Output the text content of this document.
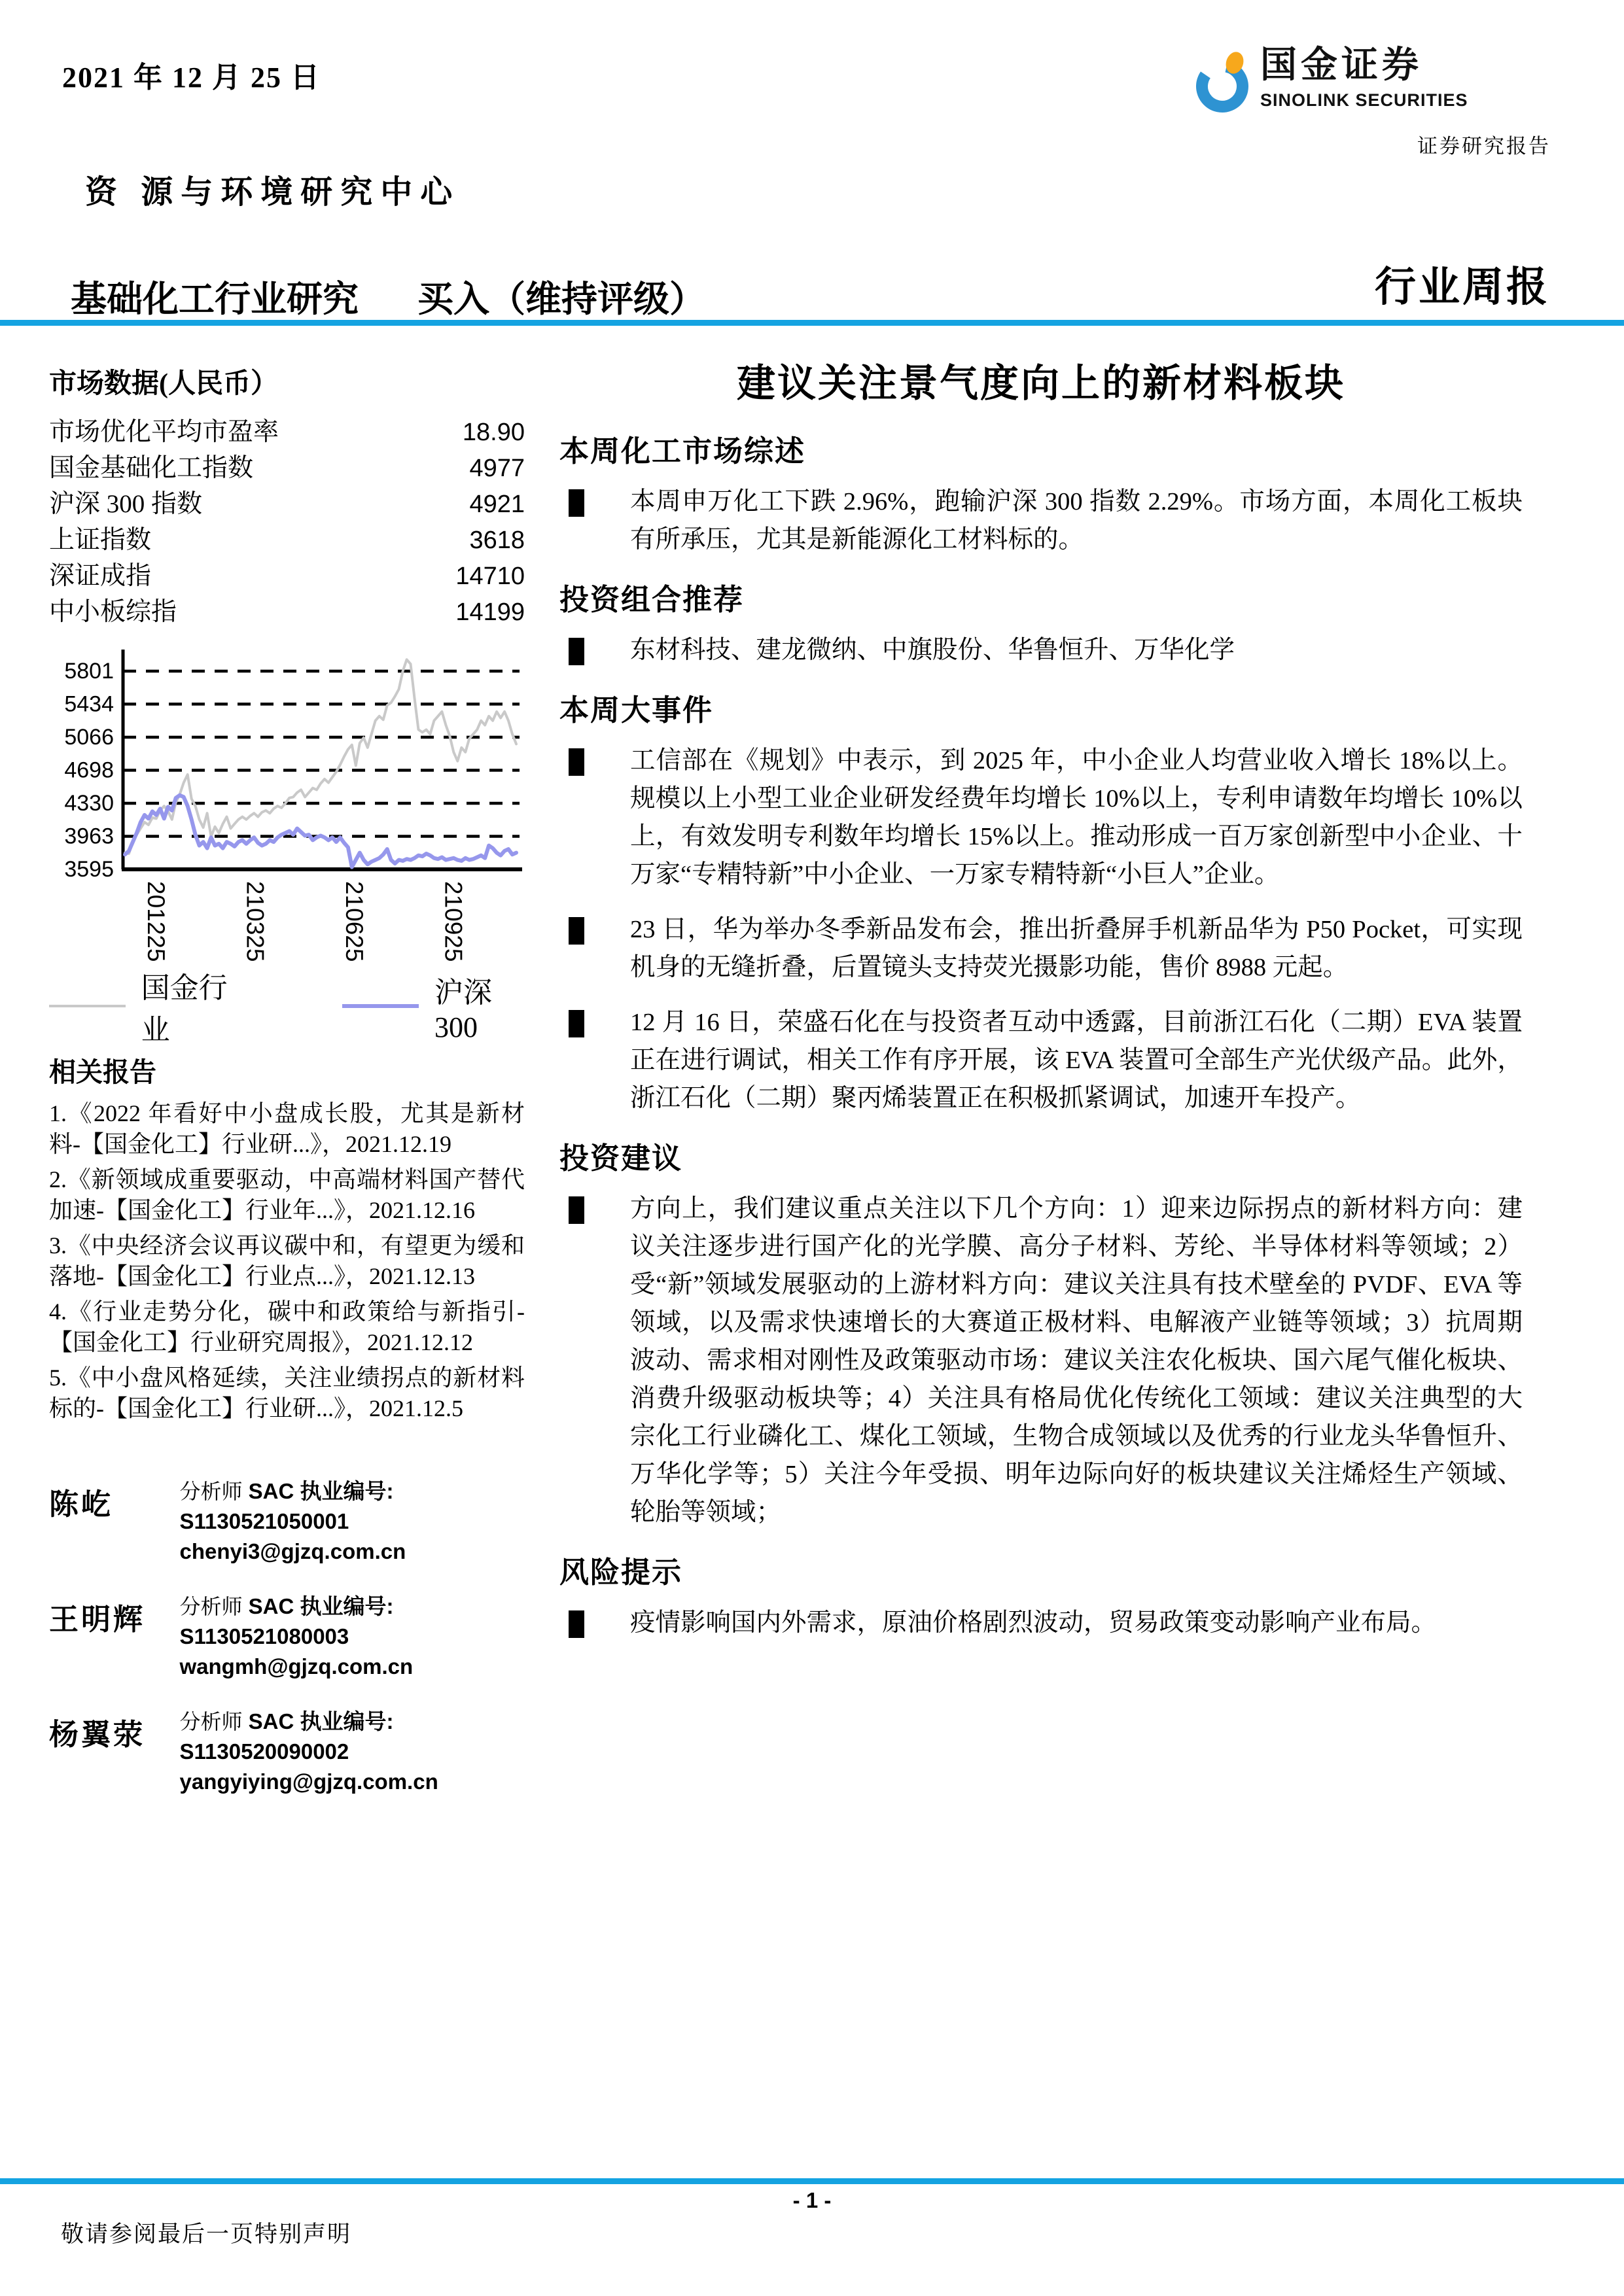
2021 年 12 月 25 日	国金证券
SINOLINK SECURITIES
证券研究报告
资 源与环境研究中心
基础化工行业研究 买入（维持评级）	行业周报
市场数据(人民币）
市场优化平均市盈率	18.90
国金基础化工指数	4977
沪深 300 指数	4921
上证指数	3618
深证成指	14710
中小板综指	14199
5801
5434
5066
4698
4330
3963
3595
201225	210325	210625	210925
国金行业
沪深300
相关报告
1.《2022 年看好中小盘成长股，尤其是新材料-【国金化工】行业研...》，2021.12.19
2.《新领域成重要驱动，中高端材料国产替代加速-【国金化工】行业年...》，2021.12.16
3.《中央经济会议再议碳中和，有望更为缓和落地-【国金化工】行业点...》，2021.12.13
4.《行业走势分化，碳中和政策给与新指引-【国金化工】行业研究周报》，2021.12.12
5.《中小盘风格延续，关注业绩拐点的新材料标的-【国金化工】行业研...》，2021.12.5
陈屹	分析师 SAC 执业编号: S1130521050001
chenyi3@gjzq.com.cn
王明辉	分析师 SAC 执业编号: S1130521080003
wangmh@gjzq.com.cn
杨翼荥	分析师 SAC 执业编号: S1130520090002
yangyiying@gjzq.com.cn
建议关注景气度向上的新材料板块
本周化工市场综述
本周申万化工下跌 2.96%，跑输沪深 300 指数 2.29%。市场方面，本周化工板块有所承压，尤其是新能源化工材料标的。
投资组合推荐
东材科技、建龙微纳、中旗股份、华鲁恒升、万华化学
本周大事件
工信部在《规划》中表示，到 2025 年，中小企业人均营业收入增长 18%以上。规模以上小型工业企业研发经费年均增长 10%以上，专利申请数年均增长 10%以上，有效发明专利数年均增长 15%以上。推动形成一百万家创新型中小企业、十万家“专精特新”中小企业、一万家专精特新“小巨人”企业。
23 日，华为举办冬季新品发布会，推出折叠屏手机新品华为 P50 Pocket，可实现机身的无缝折叠，后置镜头支持荧光摄影功能，售价 8988 元起。
12 月 16 日，荣盛石化在与投资者互动中透露，目前浙江石化（二期）EVA 装置正在进行调试，相关工作有序开展，该 EVA 装置可全部生产光伏级产品。此外，浙江石化（二期）聚丙烯装置正在积极抓紧调试，加速开车投产。
投资建议
方向上，我们建议重点关注以下几个方向：1）迎来边际拐点的新材料方向：建议关注逐步进行国产化的光学膜、高分子材料、芳纶、半导体材料等领域；2）受“新”领域发展驱动的上游材料方向：建议关注具有技术壁垒的 PVDF、EVA 等领域，以及需求快速增长的大赛道正极材料、电解液产业链等领域；3）抗周期波动、需求相对刚性及政策驱动市场：建议关注农化板块、国六尾气催化板块、消费升级驱动板块等；4）关注具有格局优化传统化工领域：建议关注典型的大宗化工行业磷化工、煤化工领域，生物合成领域以及优秀的行业龙头华鲁恒升、万华化学等；5）关注今年受损、明年边际向好的板块建议关注烯烃生产领域、轮胎等领域；
风险提示
疫情影响国内外需求，原油价格剧烈波动，贸易政策变动影响产业布局。
- 1 -
敬请参阅最后一页特别声明
